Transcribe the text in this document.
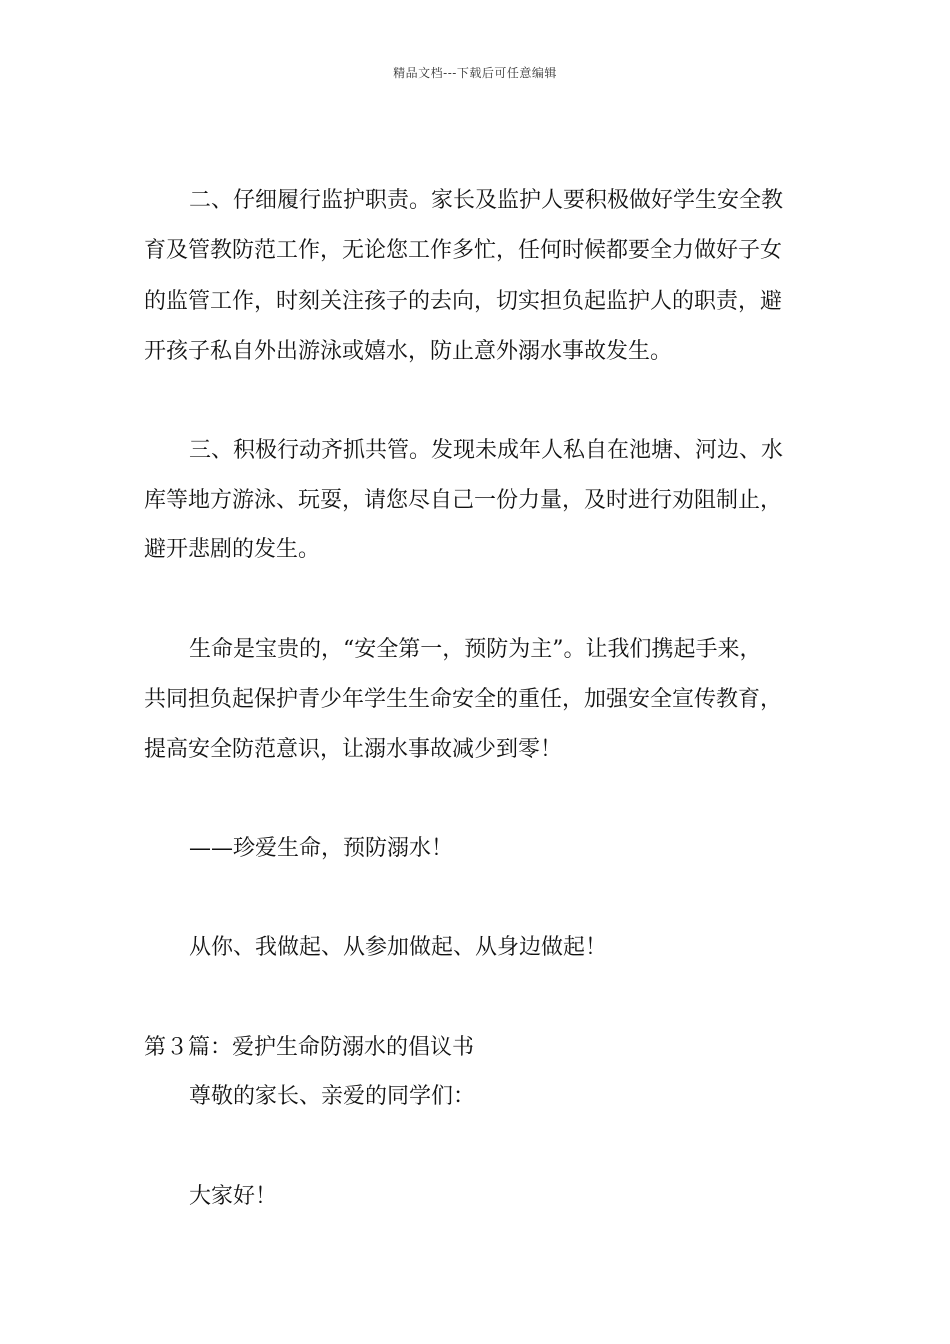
精品文档---下载后可任意编辑
二、仔细履行监护职责。家长及监护人要积极做好学生安全教
育及管教防范工作，无论您工作多忙，任何时候都要全力做好子女
的监管工作，时刻关注孩子的去向，切实担负起监护人的职责，避
开孩子私自外出游泳或嬉水，防止意外溺水事故发生。
三、积极行动齐抓共管。发现未成年人私自在池塘、河边、水
库等地方游泳、玩耍，请您尽自己一份力量，及时进行劝阻制止，
避开悲剧的发生。
生命是宝贵的，“安全第一，预防为主”。让我们携起手来，
共同担负起保护青少年学生生命安全的重任，加强安全宣传教育，
提高安全防范意识，让溺水事故减少到零！
——珍爱生命，预防溺水！
从你、我做起、从参加做起、从身边做起！
第３篇：爱护生命防溺水的倡议书
尊敬的家长、亲爱的同学们：
大家好！
